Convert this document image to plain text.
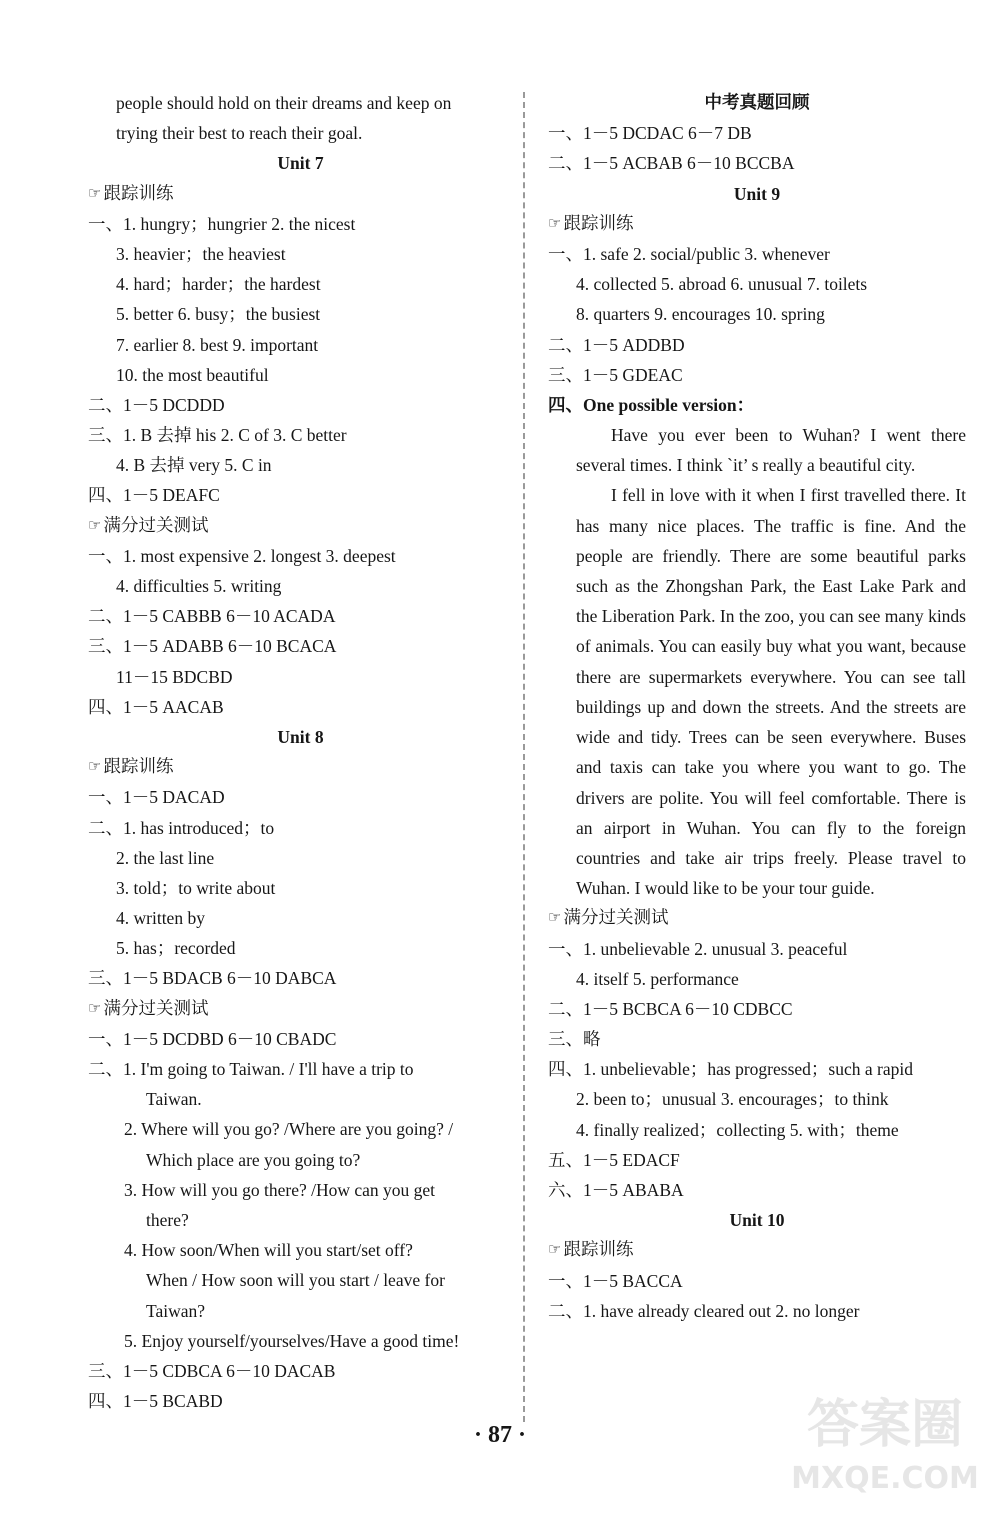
people should hold on their dreams and keep on
trying their best to reach their goal.
Unit 7
☞ 跟踪训练
一、1. hungry；hungrier 2. the nicest
3. heavier；the heaviest
4. hard；harder；the hardest
5. better 6. busy；the busiest
7. earlier 8. best 9. important
10. the most beautiful
二、1－5 DCDDD
三、1. B 去掉 his 2. C of 3. C better
4. B 去掉 very 5. C in
四、1－5 DEAFC
☞ 满分过关测试
一、1. most expensive 2. longest 3. deepest
4. difficulties 5. writing
二、1－5 CABBB 6－10 ACADA
三、1－5 ADABB 6－10 BCACA
11－15 BDCBD
四、1－5 AACAB
Unit 8
☞ 跟踪训练
一、1－5 DACAD
二、1. has introduced；to
2. the last line
3. told；to write about
4. written by
5. has；recorded
三、1－5 BDACB 6－10 DABCA
☞ 满分过关测试
一、1－5 DCDBD 6－10 CBADC
二、1. I'm going to Taiwan. / I'll have a trip to
Taiwan.
2. Where will you go? /Where are you going? /
Which place are you going to?
3. How will you go there? /How can you get
there?
4. How soon/When will you start/set off?
When / How soon will you start / leave for
Taiwan?
5. Enjoy yourself/yourselves/Have a good time!
三、1－5 CDBCA 6－10 DACAB
四、1－5 BCABD
中考真题回顾
一、1－5 DCDAC 6－7 DB
二、1－5 ACBAB 6－10 BCCBA
Unit 9
☞ 跟踪训练
一、1. safe 2. social/public 3. whenever
4. collected 5. abroad 6. unusual 7. toilets
8. quarters 9. encourages 10. spring
二、1－5 ADDBD
三、1－5 GDEAC
四、One possible version：

Have you ever been to Wuhan? I went there several times. I think ˋit’ s really a beautiful city.

I fell in love with it when I first travelled there. It has many nice places. The traffic is fine. And the people are friendly. There are some beautiful parks such as the Zhongshan Park, the East Lake Park and the Liberation Park. In the zoo, you can see many kinds of animals. You can easily buy what you want, because there are supermarkets everywhere. You can see tall buildings up and down the streets. And the streets are wide and tidy. Trees can be seen everywhere. Buses and taxis can take you where you want to go. The drivers are polite. You will feel comfortable. There is an airport in Wuhan. You can fly to the foreign countries and take air trips freely. Please travel to Wuhan. I would like to be your tour guide.

☞ 满分过关测试
一、1. unbelievable 2. unusual 3. peaceful
4. itself 5. performance
二、1－5 BCBCA 6－10 CDBCC
三、略
四、1. unbelievable；has progressed；such a rapid
2. been to；unusual 3. encourages；to think
4. finally realized；collecting 5. with；theme
五、1－5 EDACF
六、1－5 ABABA
Unit 10
☞ 跟踪训练
一、1－5 BACCA
二、1. have already cleared out 2. no longer
· 87 ·	答案圈
MXQE.COM
